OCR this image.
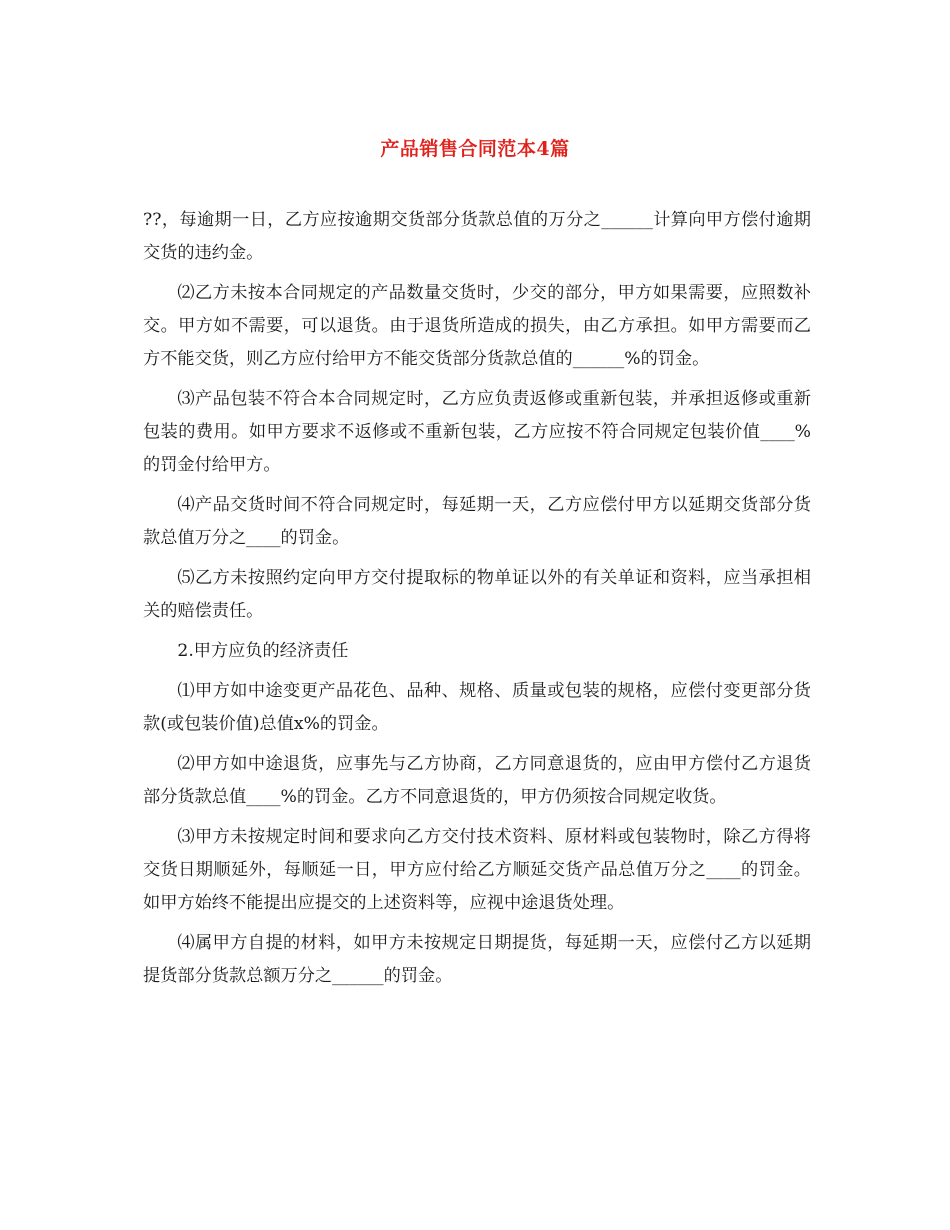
产品销售合同范本4篇

??，每逾期一日，乙方应按逾期交货部分货款总值的万分之______计算向甲方偿付逾期交货的违约金。

⑵乙方未按本合同规定的产品数量交货时，少交的部分，甲方如果需要，应照数补交。甲方如不需要，可以退货。由于退货所造成的损失，由乙方承担。如甲方需要而乙方不能交货，则乙方应付给甲方不能交货部分货款总值的______%的罚金。

⑶产品包装不符合本合同规定时，乙方应负责返修或重新包装，并承担返修或重新包装的费用。如甲方要求不返修或不重新包装，乙方应按不符合同规定包装价值____%的罚金付给甲方。

⑷产品交货时间不符合同规定时，每延期一天，乙方应偿付甲方以延期交货部分货款总值万分之____的罚金。

⑸乙方未按照约定向甲方交付提取标的物单证以外的有关单证和资料，应当承担相关的赔偿责任。

2.甲方应负的经济责任

⑴甲方如中途变更产品花色、品种、规格、质量或包装的规格，应偿付变更部分货款(或包装价值)总值x%的罚金。

⑵甲方如中途退货，应事先与乙方协商，乙方同意退货的，应由甲方偿付乙方退货部分货款总值____%的罚金。乙方不同意退货的，甲方仍须按合同规定收货。

⑶甲方未按规定时间和要求向乙方交付技术资料、原材料或包装物时，除乙方得将交货日期顺延外，每顺延一日，甲方应付给乙方顺延交货产品总值万分之____的罚金。如甲方始终不能提出应提交的上述资料等，应视中途退货处理。

⑷属甲方自提的材料，如甲方未按规定日期提货，每延期一天，应偿付乙方以延期提货部分货款总额万分之______的罚金。
